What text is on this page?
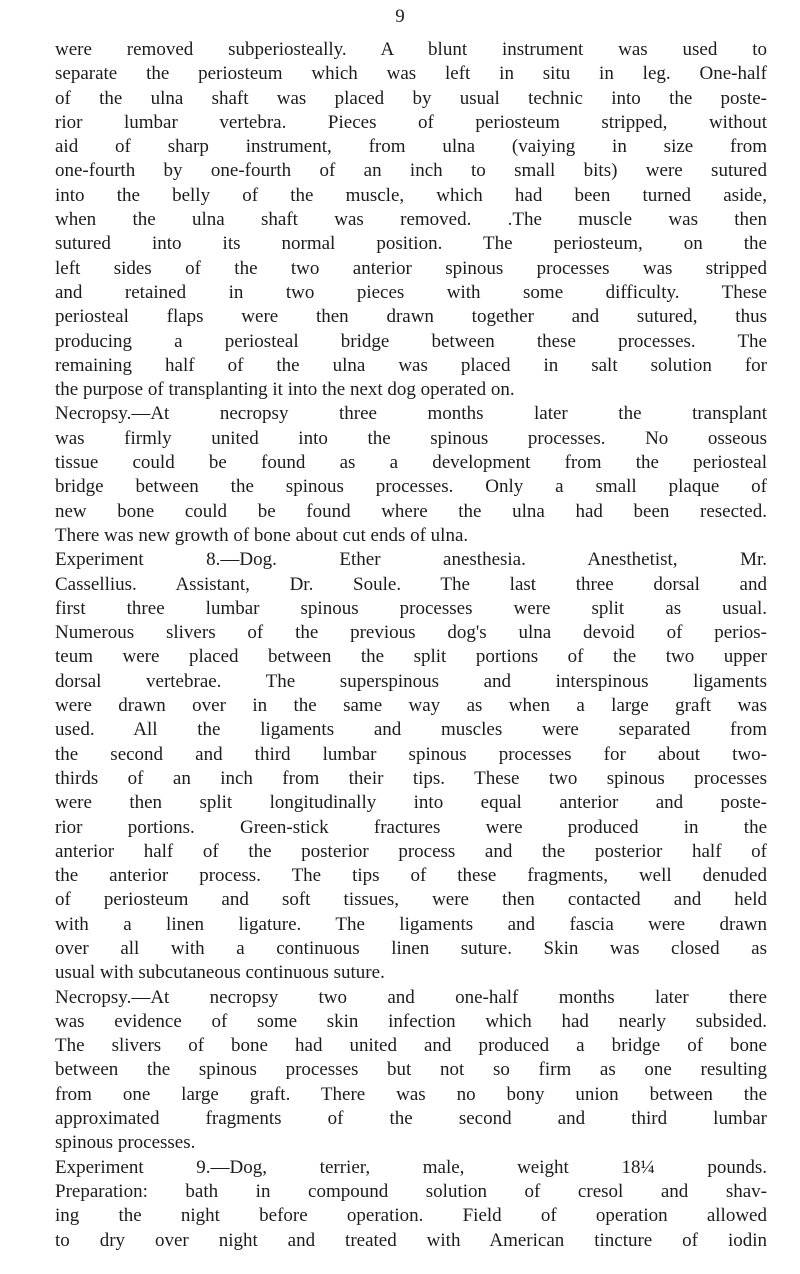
9
were removed subperiosteally. A blunt instrument was used to
separate the periosteum which was left in situ in leg. One-half
of the ulna shaft was placed by usual technic into the poste-
rior lumbar vertebra. Pieces of periosteum stripped, without
aid of sharp instrument, from ulna (vaiying in size from
one-fourth by one-fourth of an inch to small bits) were sutured
into the belly of the muscle, which had been turned aside,
when the ulna shaft was removed. .The muscle was then
sutured into its normal position. The periosteum, on the
left sides of the two anterior spinous processes was stripped
and retained in two pieces with some difficulty. These
periosteal flaps were then drawn together and sutured, thus
producing a periosteal bridge between these processes. The
remaining half of the ulna was placed in salt solution for
the purpose of transplanting it into the next dog operated on.
Necropsy.—At necropsy three months later the transplant
was firmly united into the spinous processes. No osseous
tissue could be found as a development from the periosteal
bridge between the spinous processes. Only a small plaque of
new bone could be found where the ulna had been resected.
There was new growth of bone about cut ends of ulna.
Experiment 8.—Dog. Ether anesthesia. Anesthetist, Mr.
Cassellius. Assistant, Dr. Soule. The last three dorsal and
first three lumbar spinous processes were split as usual.
Numerous slivers of the previous dog's ulna devoid of perios-
teum were placed between the split portions of the two upper
dorsal vertebrae. The superspinous and interspinous ligaments
were drawn over in the same way as when a large graft was
used. All the ligaments and muscles were separated from
the second and third lumbar spinous processes for about two-
thirds of an inch from their tips. These two spinous processes
were then split longitudinally into equal anterior and poste-
rior portions. Green-stick fractures were produced in the
anterior half of the posterior process and the posterior half of
the anterior process. The tips of these fragments, well denuded
of periosteum and soft tissues, were then contacted and held
with a linen ligature. The ligaments and fascia were drawn
over all with a continuous linen suture. Skin was closed as
usual with subcutaneous continuous suture.
Necropsy.—At necropsy two and one-half months later there
was evidence of some skin infection which had nearly subsided.
The slivers of bone had united and produced a bridge of bone
between the spinous processes but not so firm as one resulting
from one large graft. There was no bony union between the
approximated fragments of the second and third lumbar
spinous processes.
Experiment 9.—Dog, terrier, male, weight 18¼ pounds.
Preparation: bath in compound solution of cresol and shav-
ing the night before operation. Field of operation allowed
to dry over night and treated with American tincture of iodin
